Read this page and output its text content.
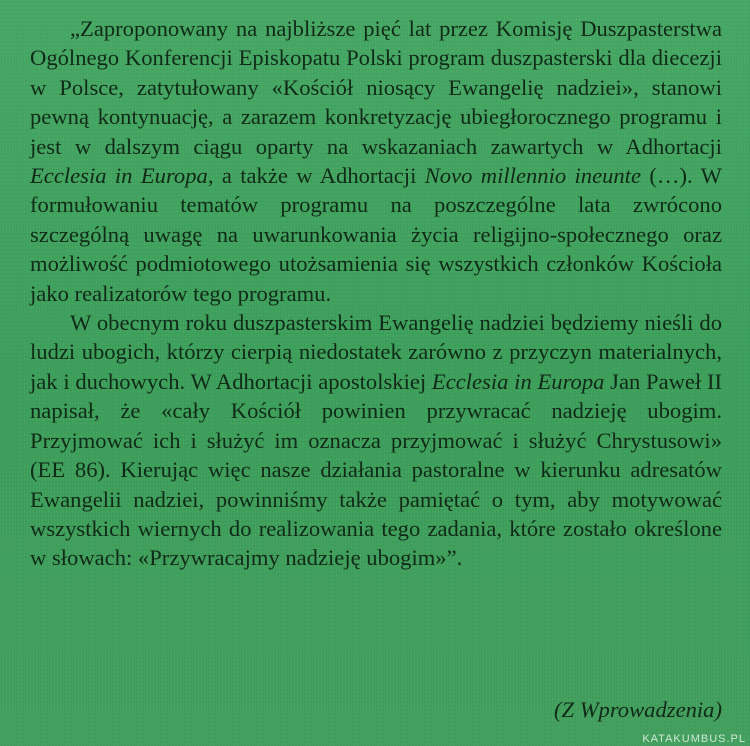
„Zaproponowany na najbliższe pięć lat przez Komisję Duszpasterstwa Ogólnego Konferencji Episkopatu Polski program duszpasterski dla diecezji w Polsce, zatytułowany «Kościół niosący Ewangelię nadziei», stanowi pewną kontynuację, a zarazem konkretyzację ubiegłorocznego programu i jest w dalszym ciągu oparty na wskazaniach zawartych w Adhortacji Ecclesia in Europa, a także w Adhortacji Novo millennio ineunte (…). W formułowaniu tematów programu na poszczególne lata zwrócono szczególną uwagę na uwarunkowania życia religijno-społecznego oraz możliwość podmiotowego utożsamienia się wszystkich członków Kościoła jako realizatorów tego programu.

W obecnym roku duszpasterskim Ewangelię nadziei będziemy nieśli do ludzi ubogich, którzy cierpią niedostatek zarówno z przyczyn materialnych, jak i duchowych. W Adhortacji apostolskiej Ecclesia in Europa Jan Paweł II napisał, że «cały Kościół powinien przywracać nadzieję ubogim. Przyjmować ich i służyć im oznacza przyjmować i służyć Chrystusowi» (EE 86). Kierując więc nasze działania pastoralne w kierunku adresatów Ewangelii nadziei, powinniśmy także pamiętać o tym, aby motywować wszystkich wiernych do realizowania tego zadania, które zostało określone w słowach: «Przywracajmy nadzieję ubogim»”.

(Z Wprowadzenia)
KATAKUMBUS.PL
